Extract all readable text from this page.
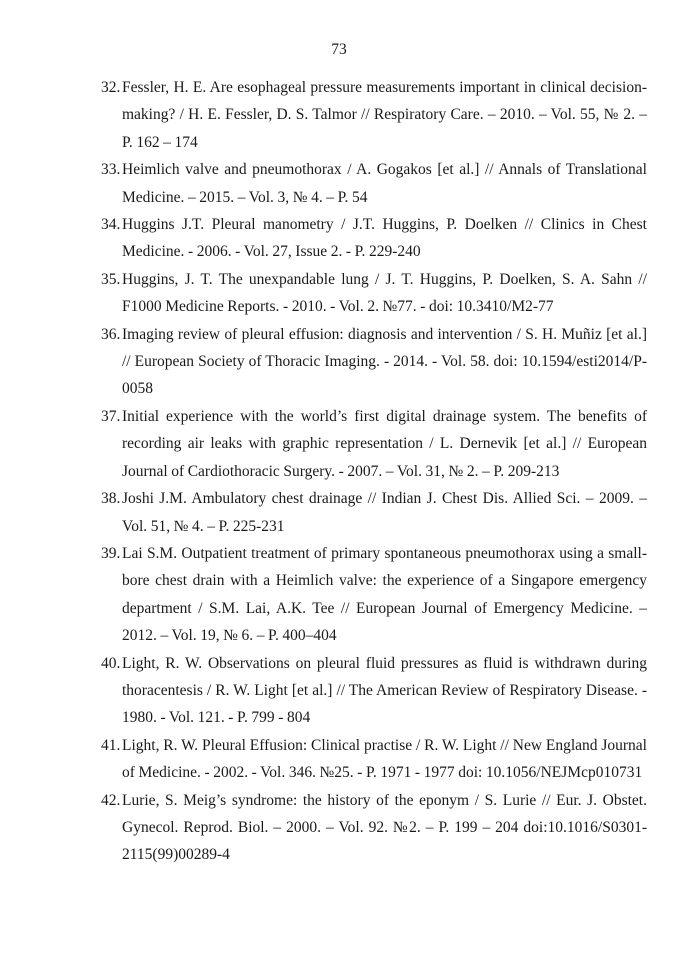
73
32. Fessler, H. E. Are esophageal pressure measurements important in clinical decision-making? / H. E. Fessler, D. S. Talmor // Respiratory Care. – 2010. – Vol. 55, № 2. – P. 162 – 174
33. Heimlich valve and pneumothorax / A. Gogakos [et al.] // Annals of Translational Medicine. – 2015. – Vol. 3, № 4. – P. 54
34. Huggins J.T. Pleural manometry / J.T. Huggins, P. Doelken // Clinics in Chest Medicine. - 2006. - Vol. 27, Issue 2. - P. 229-240
35. Huggins, J. T. The unexpandable lung / J. T. Huggins, P. Doelken, S. A. Sahn // F1000 Medicine Reports. - 2010. - Vol. 2. №77. - doi: 10.3410/M2-77
36. Imaging review of pleural effusion: diagnosis and intervention / S. H. Muñiz [et al.] // European Society of Thoracic Imaging. - 2014. - Vol. 58. doi: 10.1594/esti2014/P-0058
37. Initial experience with the world’s first digital drainage system. The benefits of recording air leaks with graphic representation / L. Dernevik [et al.] // European Journal of Cardiothoracic Surgery. - 2007. – Vol. 31, № 2. – P. 209-213
38. Joshi J.M. Ambulatory chest drainage // Indian J. Chest Dis. Allied Sci. – 2009. – Vol. 51, № 4. – P. 225-231
39. Lai S.M. Outpatient treatment of primary spontaneous pneumothorax using a small-bore chest drain with a Heimlich valve: the experience of a Singapore emergency department / S.M. Lai, A.K. Tee // European Journal of Emergency Medicine. – 2012. – Vol. 19, № 6. – P. 400–404
40. Light, R. W. Observations on pleural fluid pressures as fluid is withdrawn during thoracentesis / R. W. Light [et al.] // The American Review of Respiratory Disease. - 1980. - Vol. 121. - P. 799 - 804
41. Light, R. W. Pleural Effusion: Clinical practise / R. W. Light // New England Journal of Medicine. - 2002. - Vol. 346. №25. - P. 1971 - 1977 doi: 10.1056/NEJMcp010731
42. Lurie, S. Meig’s syndrome: the history of the eponym / S. Lurie // Eur. J. Obstet. Gynecol. Reprod. Biol. – 2000. – Vol. 92. №2. – P. 199 – 204 doi:10.1016/S0301-2115(99)00289-4
